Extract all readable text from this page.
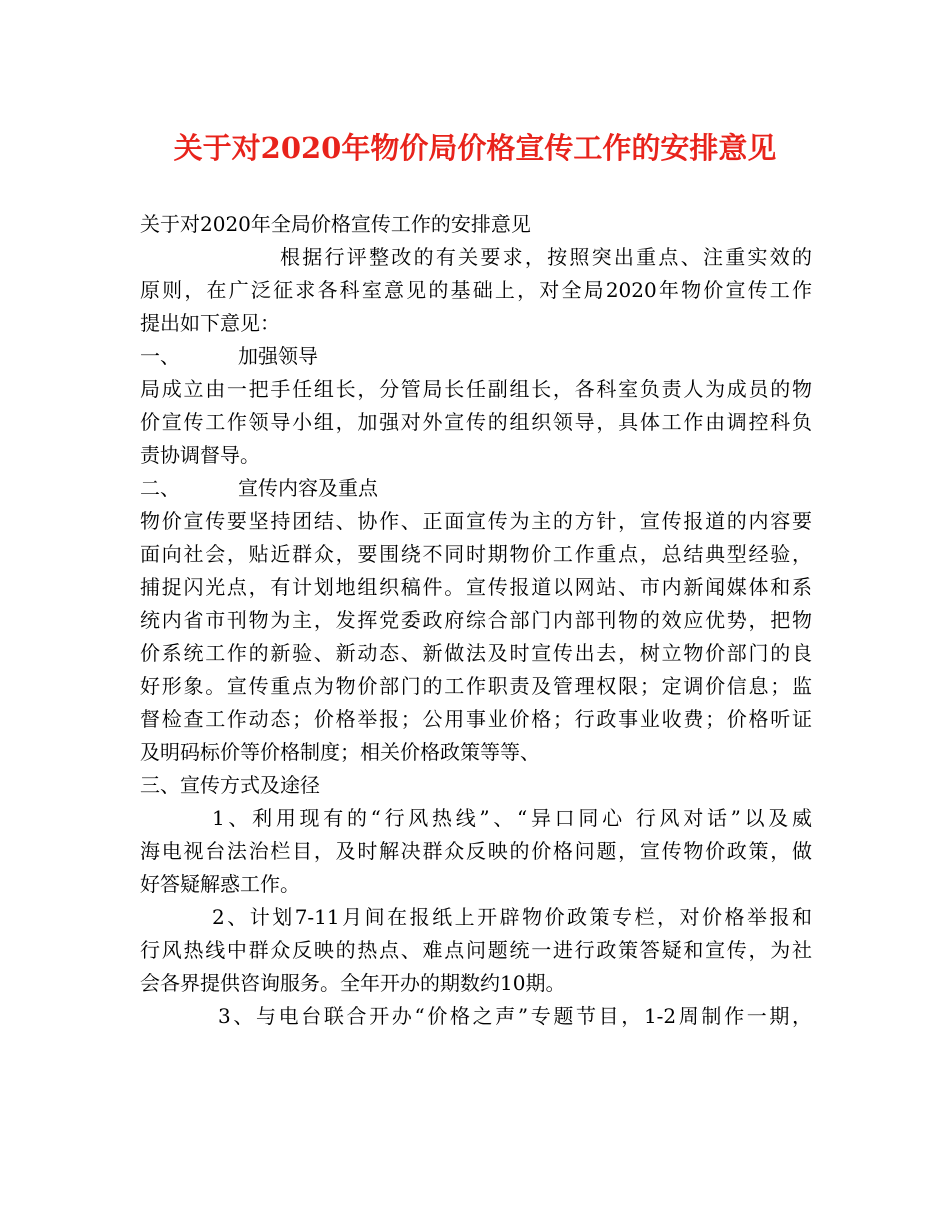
关于对2020年物价局价格宣传工作的安排意见
关于对2020年全局价格宣传工作的安排意见
根据行评整改的有关要求，按照突出重点、注重实效的
原则，在广泛征求各科室意见的基础上，对全局2020年物价宣传工作
提出如下意见：
一、	加强领导
局成立由一把手任组长，分管局长任副组长，各科室负责人为成员的物
价宣传工作领导小组，加强对外宣传的组织领导，具体工作由调控科负
责协调督导。
二、	宣传内容及重点
物价宣传要坚持团结、协作、正面宣传为主的方针，宣传报道的内容要
面向社会，贴近群众，要围绕不同时期物价工作重点，总结典型经验，
捕捉闪光点，有计划地组织稿件。宣传报道以网站、市内新闻媒体和系
统内省市刊物为主，发挥党委政府综合部门内部刊物的效应优势，把物
价系统工作的新验、新动态、新做法及时宣传出去，树立物价部门的良
好形象。宣传重点为物价部门的工作职责及管理权限；定调价信息；监
督检查工作动态；价格举报；公用事业价格；行政事业收费；价格听证
及明码标价等价格制度；相关价格政策等等、
三、宣传方式及途径
1、利用现有的“行风热线”、“异口同心 行风对话”以及威
海电视台法治栏目，及时解决群众反映的价格问题，宣传物价政策，做
好答疑解惑工作。
2、计划7-11月间在报纸上开辟物价政策专栏，对价格举报和
行风热线中群众反映的热点、难点问题统一进行政策答疑和宣传，为社
会各界提供咨询服务。全年开办的期数约10期。
3、与电台联合开办“价格之声”专题节目，1-2周制作一期，
